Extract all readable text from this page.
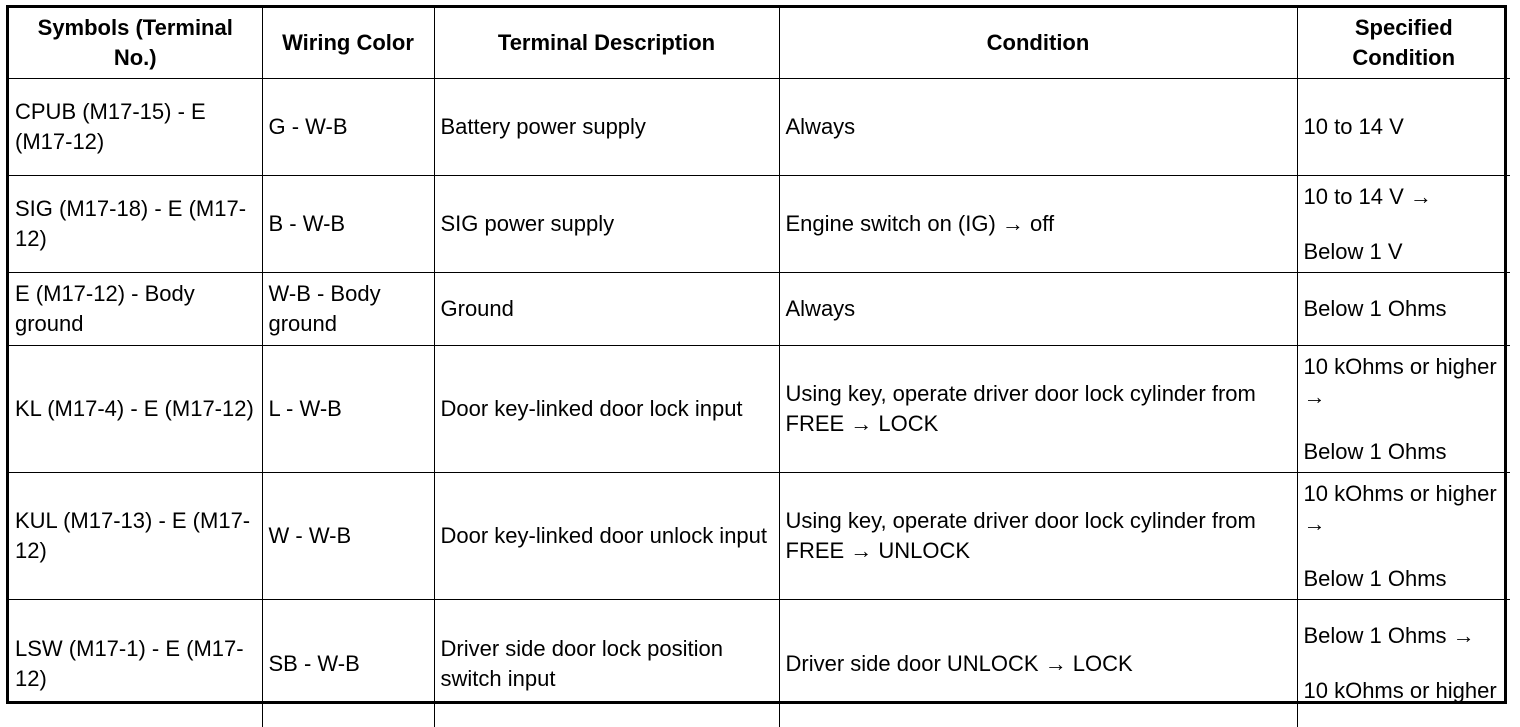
Symbols (Terminal No.)	Wiring Color	Terminal Description	Condition	Specified Condition
CPUB (M17-15) - E (M17-12)	G - W-B	Battery power supply	Always	10 to 14 V

SIG (M17-18) - E (M17-12)	B - W-B	SIG power supply	Engine switch on (IG) → off	10 to 14 V →
Below 1 V

E (M17-12) - Body ground	W-B - Body ground	Ground	Always	Below 1 Ohms

KL (M17-4) - E (M17-12)	L - W-B	Door key-linked door lock input	Using key, operate driver door lock cylinder from FREE → LOCK	10 kOhms or higher →
Below 1 Ohms

KUL (M17-13) - E (M17-12)	W - W-B	Door key-linked door unlock input	Using key, operate driver door lock cylinder from FREE → UNLOCK	10 kOhms or higher →
Below 1 Ohms

LSW (M17-1) - E (M17-12)	SB - W-B	Driver side door lock position switch input	Driver side door UNLOCK → LOCK	Below 1 Ohms →
10 kOhms or higher
